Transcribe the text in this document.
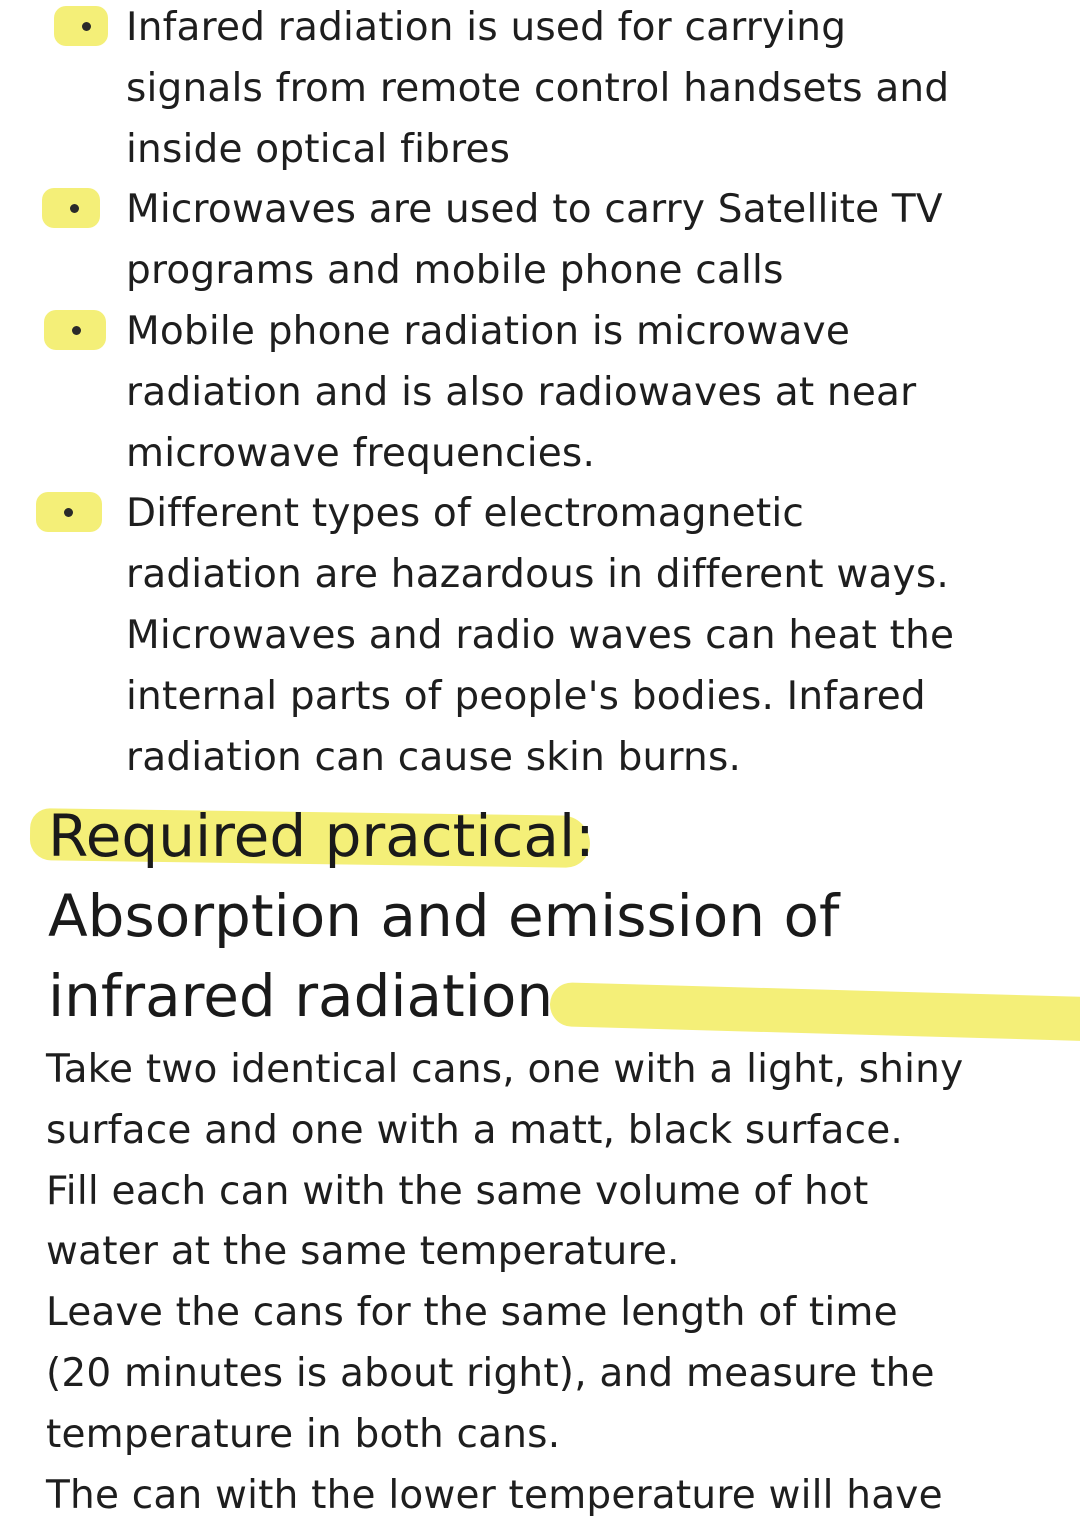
Infared radiation is used for carrying
signals from remote control handsets and
inside optical fibres
Microwaves are used to carry Satellite TV
programs and mobile phone calls
Mobile phone radiation is microwave
radiation and is also radiowaves at near
microwave frequencies.
Different types of electromagnetic
radiation are hazardous in different ways.
Microwaves and radio waves can heat the
internal parts of people's bodies. Infared
radiation can cause skin burns.
Required practical:
Absorption and emission of
infrared radiation

Take two identical cans, one with a light, shiny
surface and one with a matt, black surface.
Fill each can with the same volume of hot
water at the same temperature.
Leave the cans for the same length of time
(20 minutes is about right), and measure the
temperature in both cans.
The can with the lower temperature will have
